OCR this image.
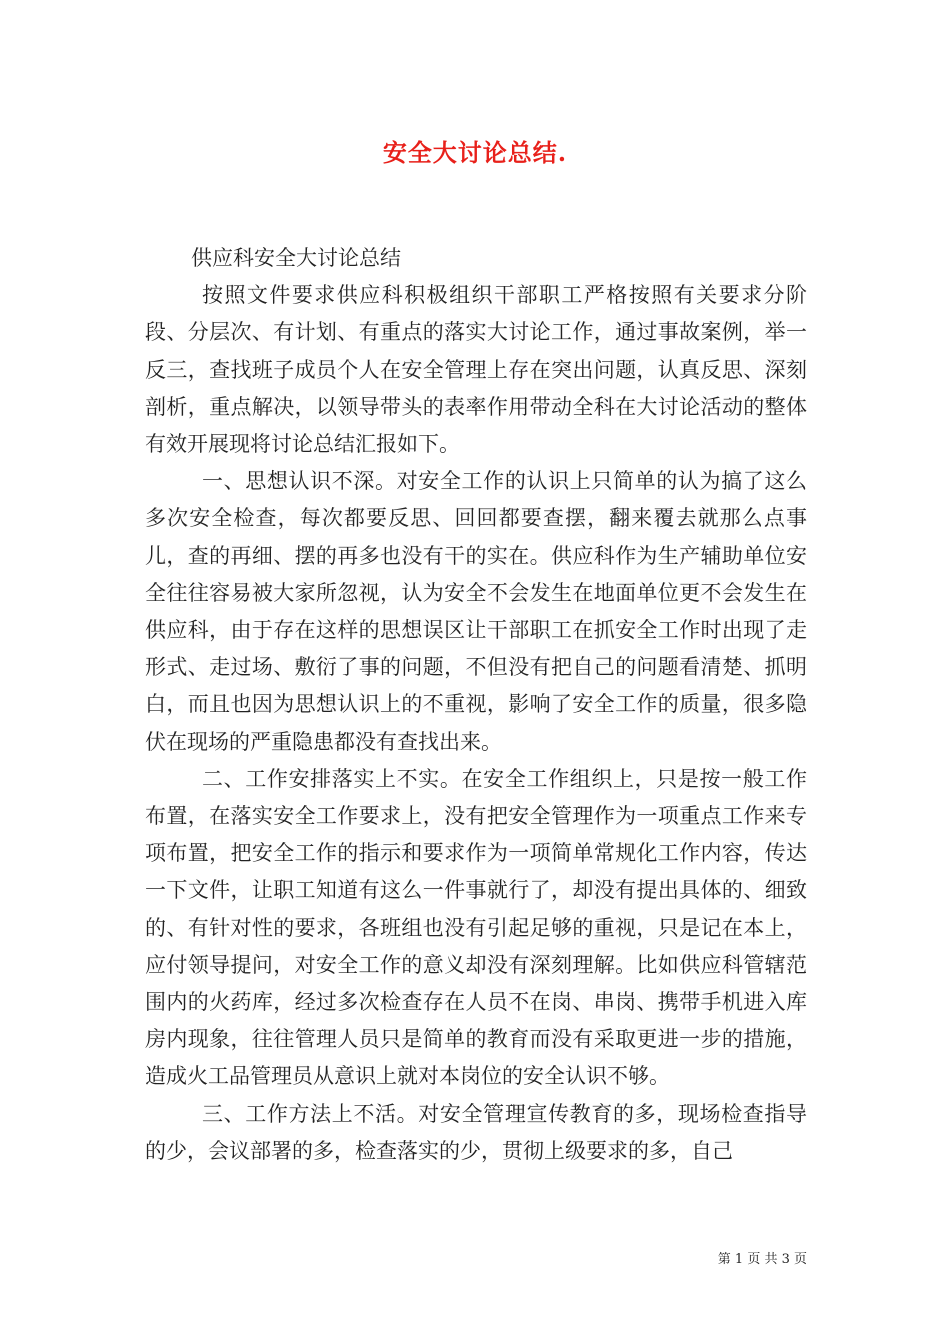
安全大讨论总结.

供应科安全大讨论总结

按照文件要求供应科积极组织干部职工严格按照有关要求分阶段、分层次、有计划、有重点的落实大讨论工作，通过事故案例，举一反三，查找班子成员个人在安全管理上存在突出问题，认真反思、深刻剖析，重点解决，以领导带头的表率作用带动全科在大讨论活动的整体有效开展现将讨论总结汇报如下。

一、思想认识不深。对安全工作的认识上只简单的认为搞了这么多次安全检查，每次都要反思、回回都要查摆，翻来覆去就那么点事儿，查的再细、摆的再多也没有干的实在。供应科作为生产辅助单位安全往往容易被大家所忽视，认为安全不会发生在地面单位更不会发生在供应科，由于存在这样的思想误区让干部职工在抓安全工作时出现了走形式、走过场、敷衍了事的问题，不但没有把自己的问题看清楚、抓明白，而且也因为思想认识上的不重视，影响了安全工作的质量，很多隐伏在现场的严重隐患都没有查找出来。

二、工作安排落实上不实。在安全工作组织上，只是按一般工作布置，在落实安全工作要求上，没有把安全管理作为一项重点工作来专项布置，把安全工作的指示和要求作为一项简单常规化工作内容，传达一下文件，让职工知道有这么一件事就行了，却没有提出具体的、细致的、有针对性的要求，各班组也没有引起足够的重视，只是记在本上，应付领导提问，对安全工作的意义却没有深刻理解。比如供应科管辖范围内的火药库，经过多次检查存在人员不在岗、串岗、携带手机进入库房内现象，往往管理人员只是简单的教育而没有采取更进一步的措施，造成火工品管理员从意识上就对本岗位的安全认识不够。

三、工作方法上不活。对安全管理宣传教育的多，现场检查指导的少，会议部署的多，检查落实的少，贯彻上级要求的多，自己

第 1 页 共 3 页
